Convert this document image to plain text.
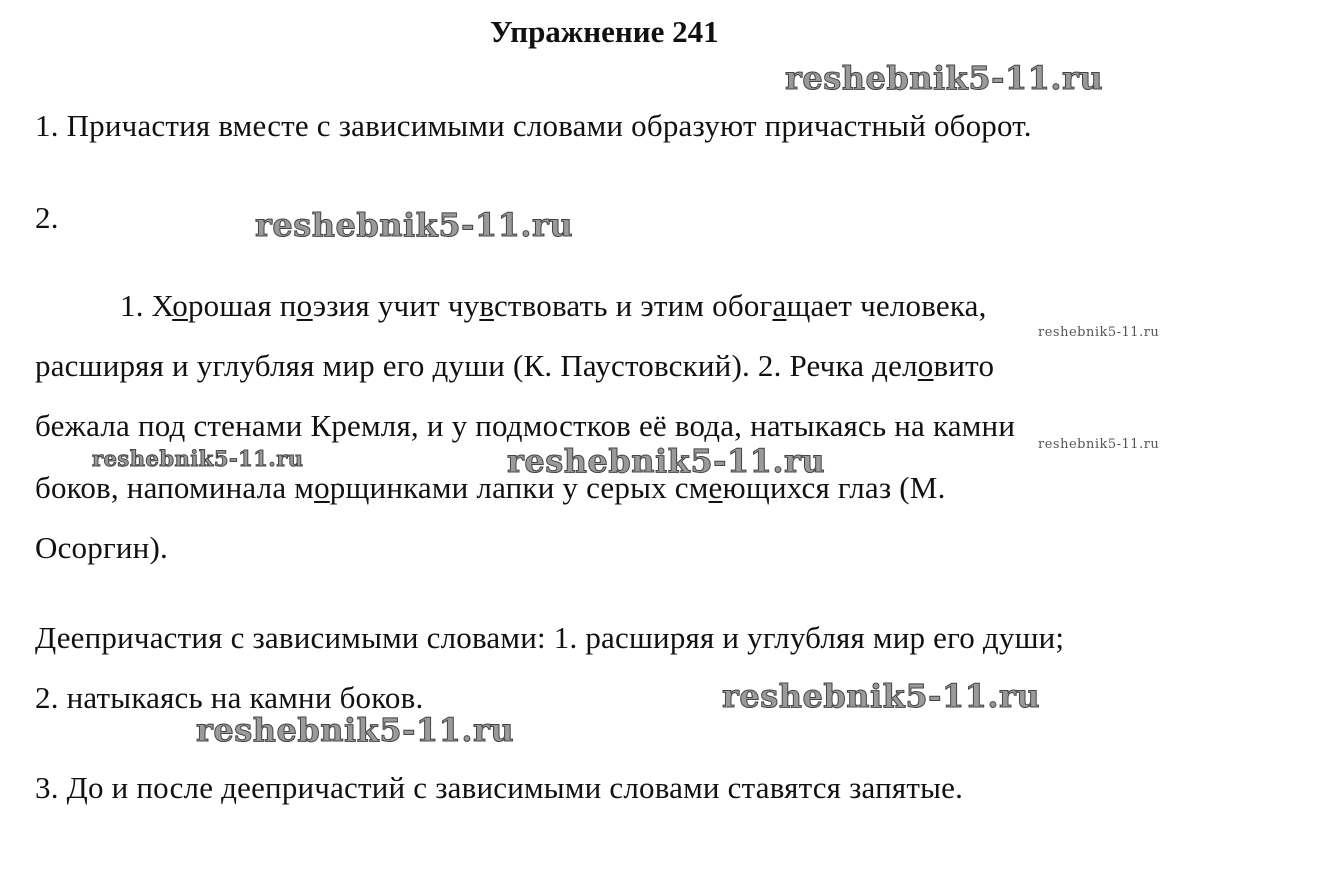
Упражнение 241
reshebnik5-11.ru
1. Причастия вместе с зависимыми словами образуют причастный оборот.
2.	reshebnik5-11.ru
1. Хорошая поэзия учит чувствовать и этим обогащает человека,
reshebnik5-11.ru
расширяя и углубляя мир его души (К. Паустовский). 2. Речка деловито
бежала под стенами Кремля, и у подмостков её вода, натыкаясь на камни
reshebnik5-11.ru
reshebnik5-11.ru	reshebnik5-11.ru
боков, напоминала морщинками лапки у серых смеющихся глаз (М.
Осоргин).
Деепричастия с зависимыми словами: 1. расширяя и углубляя мир его души;
2. натыкаясь на камни боков.	reshebnik5-11.ru
reshebnik5-11.ru
3. До и после деепричастий с зависимыми словами ставятся запятые.
